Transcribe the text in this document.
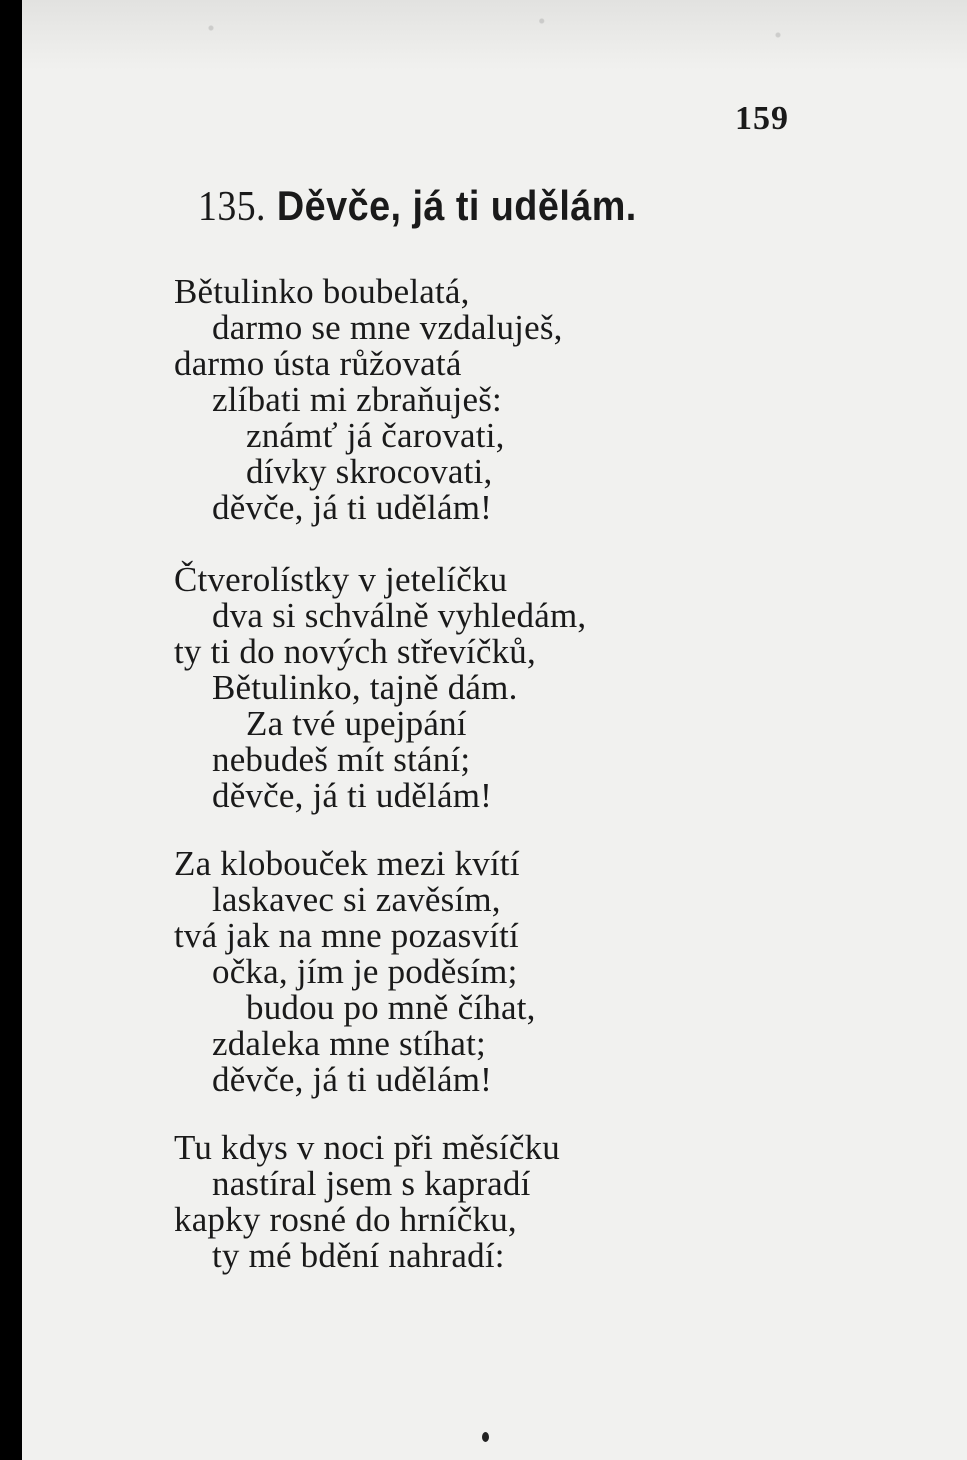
159
135. Děvče, já ti udělám.
Bětulinko boubelatá,
darmo se mne vzdaluješ,
darmo ústa růžovatá
zlíbati mi zbraňuješ:
známť já čarovati,
dívky skrocovati,
děvče, já ti udělám!
Čtverolístky v jetelíčku
dva si schválně vyhledám,
ty ti do nových střevíčků,
Bětulinko, tajně dám.
Za tvé upejpání
nebudeš mít stání;
děvče, já ti udělám!
Za klobouček mezi kvítí
laskavec si zavěsím,
tvá jak na mne pozasvítí
očka, jím je poděsím;
budou po mně číhat,
zdaleka mne stíhat;
děvče, já ti udělám!
Tu kdys v noci při měsíčku
nastíral jsem s kapradí
kapky rosné do hrníčku,
ty mé bdění nahradí:
